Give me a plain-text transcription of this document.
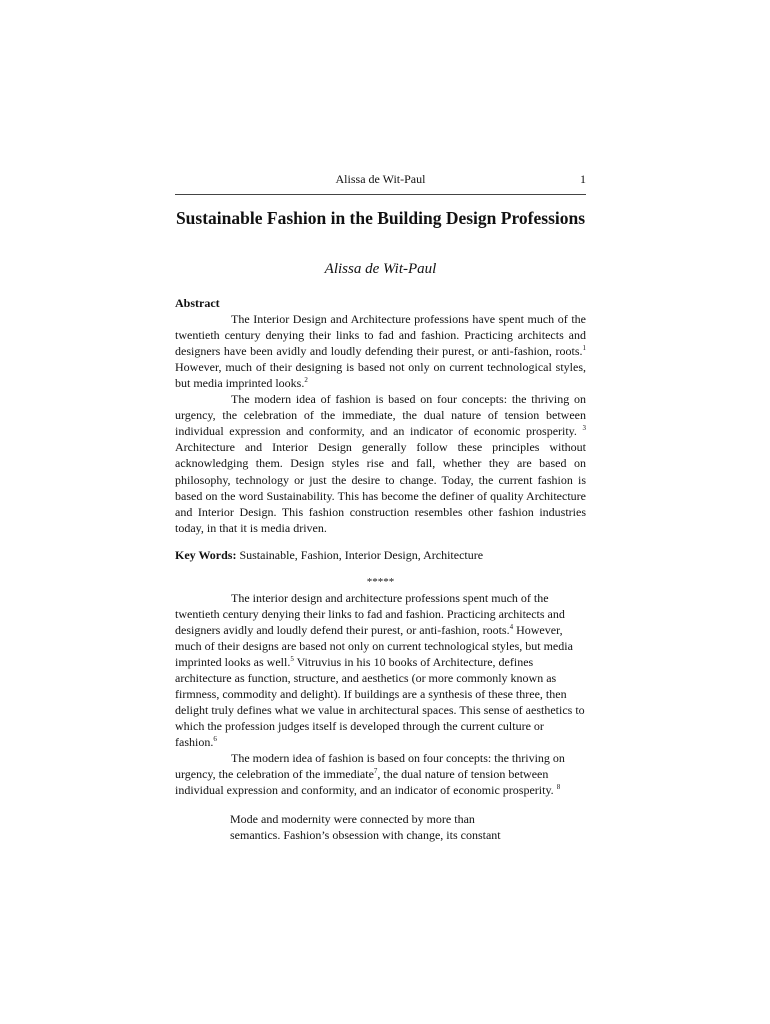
Alissa de Wit-Paul	1
Sustainable Fashion in the Building Design Professions

Alissa de Wit-Paul

Abstract

The Interior Design and Architecture professions have spent much of the twentieth century denying their links to fad and fashion. Practicing architects and designers have been avidly and loudly defending their purest, or anti-fashion, roots.$^1$ However, much of their designing is based not only on current technological styles, but media imprinted looks.$^2$

The modern idea of fashion is based on four concepts: the thriving on urgency, the celebration of the immediate, the dual nature of tension between individual expression and conformity, and an indicator of economic prosperity. $^3$ Architecture and Interior Design generally follow these principles without acknowledging them. Design styles rise and fall, whether they are based on philosophy, technology or just the desire to change. Today, the current fashion is based on the word Sustainability. This has become the definer of quality Architecture and Interior Design. This fashion construction resembles other fashion industries today, in that it is media driven.

Key Words: Sustainable, Fashion, Interior Design, Architecture

*****

The interior design and architecture professions spent much of the twentieth century denying their links to fad and fashion. Practicing architects and designers avidly and loudly defend their purest, or anti-fashion, roots.$^4$ However, much of their designs are based not only on current technological styles, but media imprinted looks as well.$^5$ Vitruvius in his 10 books of Architecture, defines architecture as function, structure, and aesthetics (or more commonly known as firmness, commodity and delight). If buildings are a synthesis of these three, then delight truly defines what we value in architectural spaces. This sense of aesthetics to which the profession judges itself is developed through the current culture or fashion.$^6$

The modern idea of fashion is based on four concepts: the thriving on urgency, the celebration of the immediate$^7$, the dual nature of tension between individual expression and conformity, and an indicator of economic prosperity. $^8$

Mode and modernity were connected by more than
semantics. Fashion’s obsession with change, its constant
